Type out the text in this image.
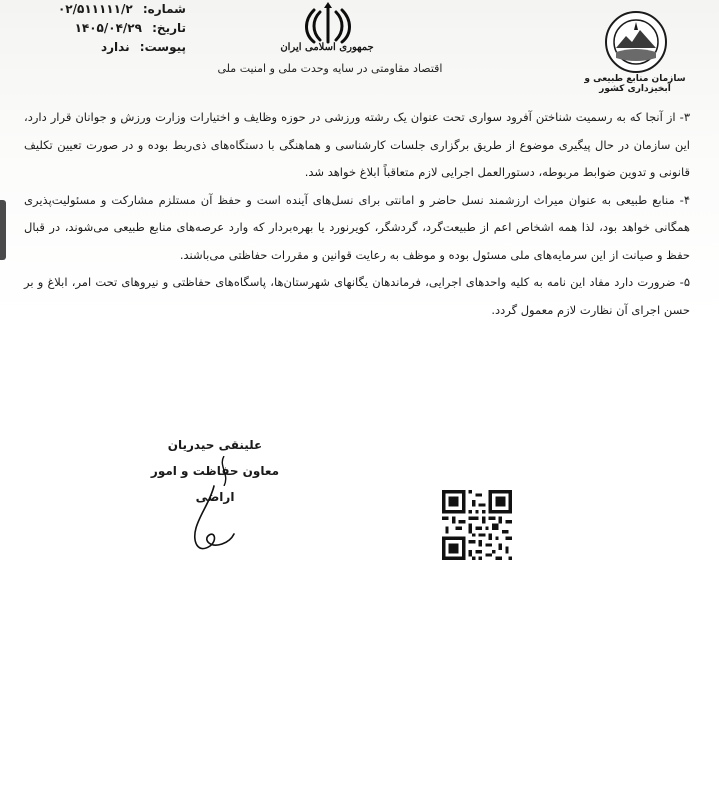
شماره: ۰۲/۵۱۱۱۱۱/۲
تاریخ: ۱۴۰۵/۰۴/۲۹
پیوست: ندارد	جمهوری اسلامی ایران
اقتصاد مقاومتی در سایه وحدت ملی و امنیت ملی
سازمان منابع طبیعی و آبخیزداری کشور

۳- از آنجا که به رسمیت شناختن آفرود سواری تحت عنوان یک رشته ورزشی در حوزه وظایف و اختیارات وزارت ورزش و جوانان قرار دارد، این سازمان در حال پیگیری موضوع از طریق برگزاری جلسات کارشناسی و هماهنگی با دستگاه‌های ذی‌ربط بوده و در صورت تعیین تکلیف قانونی و تدوین ضوابط مربوطه، دستورالعمل اجرایی لازم متعاقباً ابلاغ خواهد شد.

۴- منابع طبیعی به عنوان میراث ارزشمند نسل حاضر و امانتی برای نسل‌های آینده است و حفظ آن مستلزم مشارکت و مسئولیت‌پذیری همگانی خواهد بود، لذا همه اشخاص اعم از طبیعت‌گرد، گردشگر، کویرنورد یا بهره‌بردار که وارد عرصه‌های منابع طبیعی می‌شوند، در قبال حفظ و صیانت از این سرمایه‌های ملی مسئول بوده و موظف به رعایت قوانین و مقررات حفاظتی می‌باشند.

۵- ضرورت دارد مفاد این نامه به کلیه واحدهای اجرایی، فرماندهان یگانهای شهرستان‌ها، پاسگاه‌های حفاظتی و نیروهای تحت امر، ابلاغ و بر حسن اجرای آن نظارت لازم معمول گردد.

علینقی حیدریان
معاون حفاظت و امور اراضی
